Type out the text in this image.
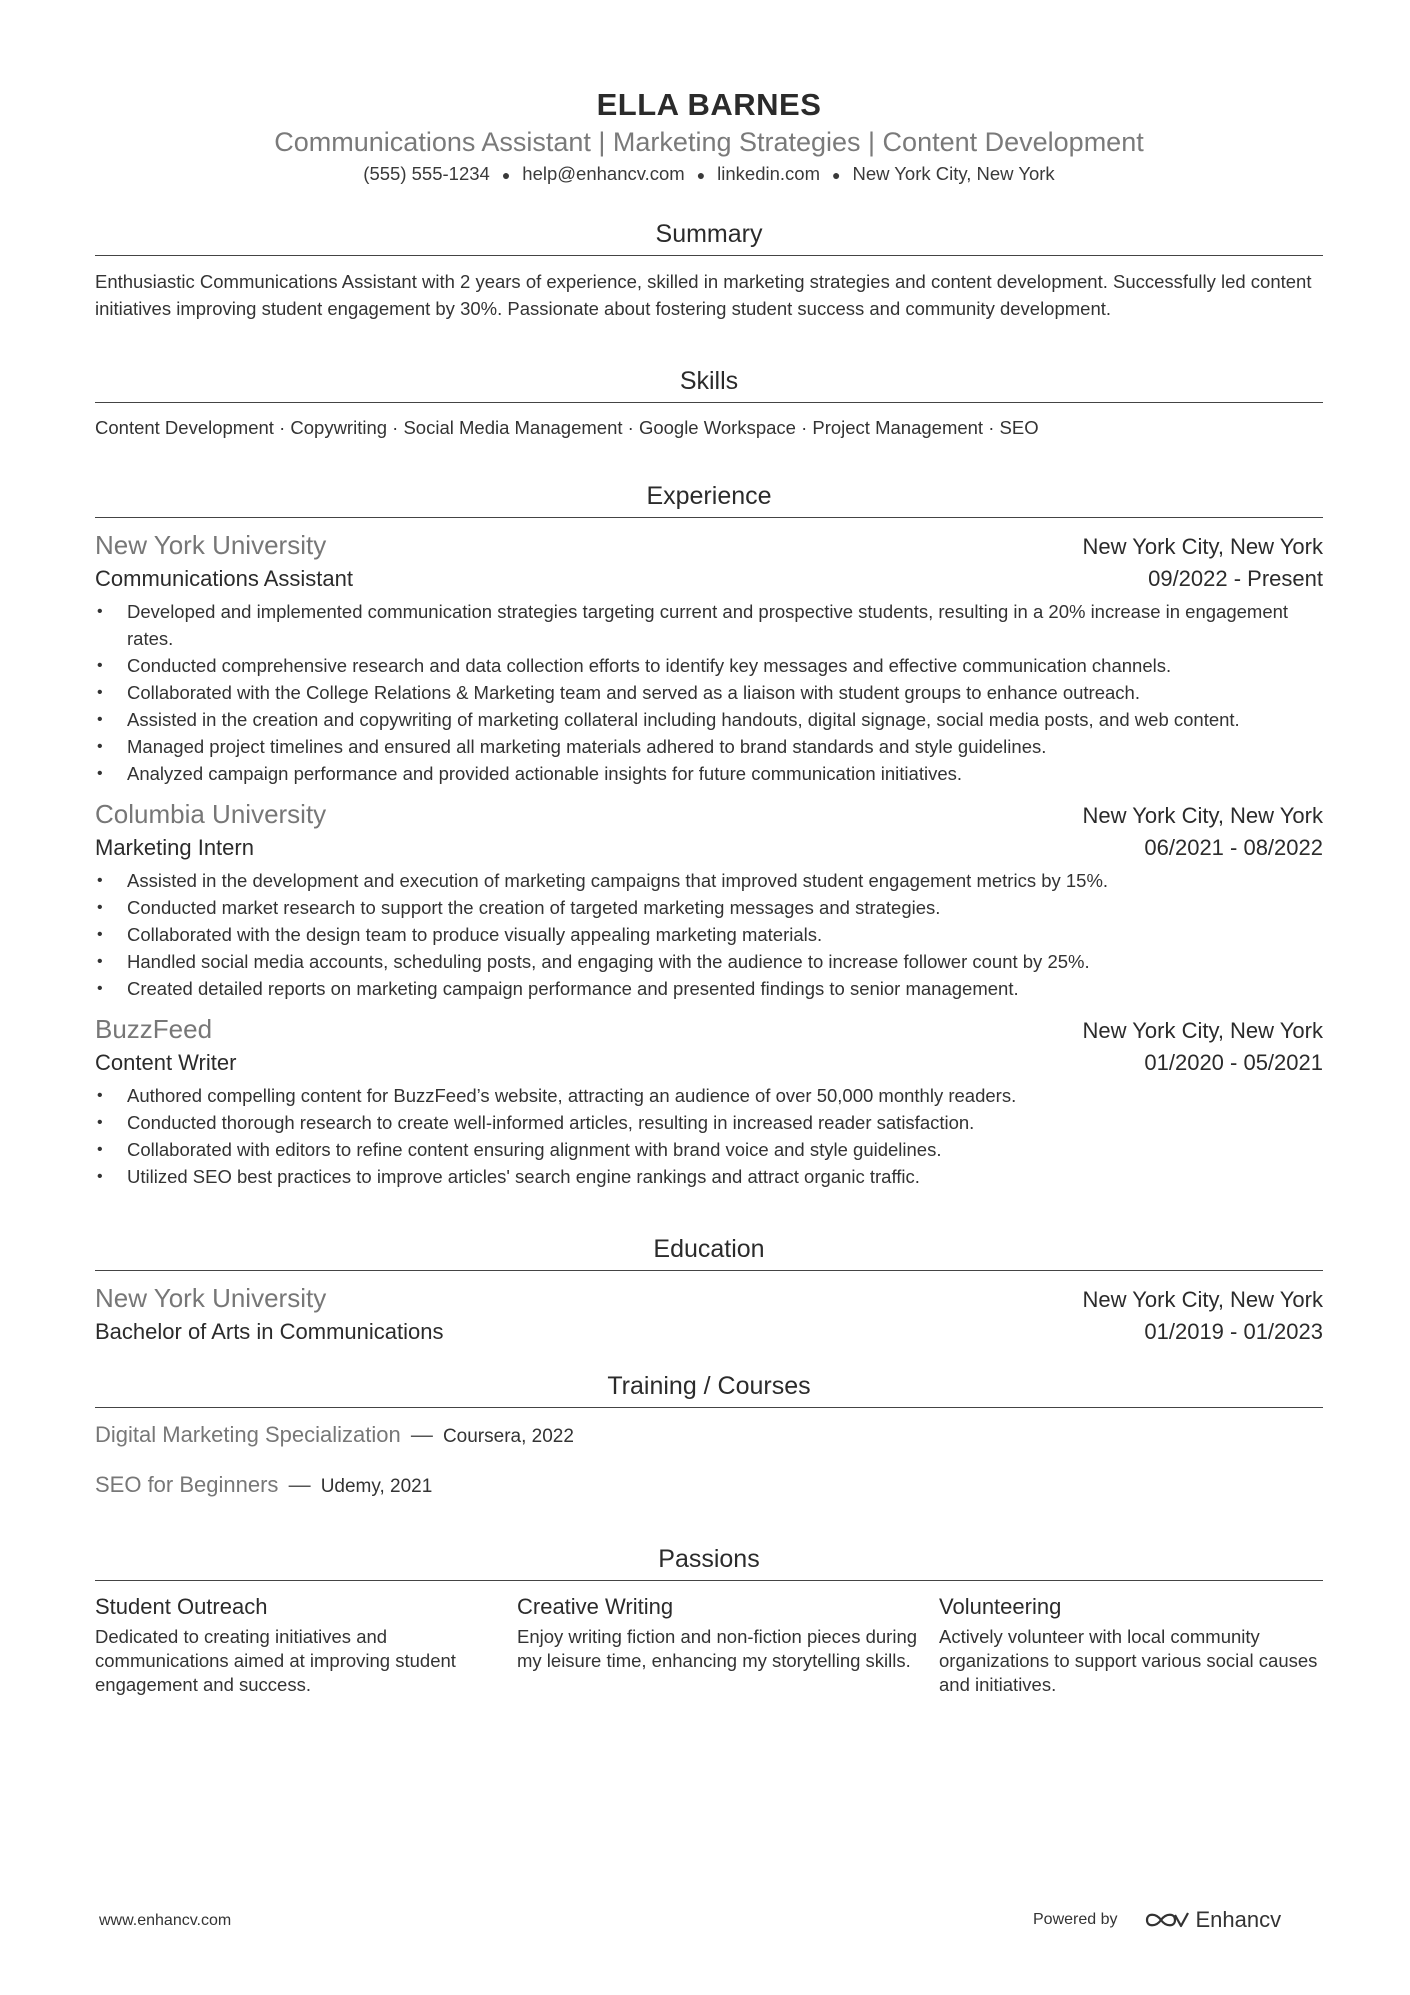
ELLA BARNES
Communications Assistant | Marketing Strategies | Content Development
(555) 555-1234 ● help@enhancv.com ● linkedin.com ● New York City, New York
Summary
Enthusiastic Communications Assistant with 2 years of experience, skilled in marketing strategies and content development. Successfully led content initiatives improving student engagement by 30%. Passionate about fostering student success and community development.
Skills
Content Development · Copywriting · Social Media Management · Google Workspace · Project Management · SEO
Experience
New York University	New York City, New York
Communications Assistant	09/2022 - Present
• Developed and implemented communication strategies targeting current and prospective students, resulting in a 20% increase in engagement rates.
• Conducted comprehensive research and data collection efforts to identify key messages and effective communication channels.
• Collaborated with the College Relations & Marketing team and served as a liaison with student groups to enhance outreach.
• Assisted in the creation and copywriting of marketing collateral including handouts, digital signage, social media posts, and web content.
• Managed project timelines and ensured all marketing materials adhered to brand standards and style guidelines.
• Analyzed campaign performance and provided actionable insights for future communication initiatives.
Columbia University	New York City, New York
Marketing Intern	06/2021 - 08/2022
• Assisted in the development and execution of marketing campaigns that improved student engagement metrics by 15%.
• Conducted market research to support the creation of targeted marketing messages and strategies.
• Collaborated with the design team to produce visually appealing marketing materials.
• Handled social media accounts, scheduling posts, and engaging with the audience to increase follower count by 25%.
• Created detailed reports on marketing campaign performance and presented findings to senior management.
BuzzFeed	New York City, New York
Content Writer	01/2020 - 05/2021
• Authored compelling content for BuzzFeed’s website, attracting an audience of over 50,000 monthly readers.
• Conducted thorough research to create well-informed articles, resulting in increased reader satisfaction.
• Collaborated with editors to refine content ensuring alignment with brand voice and style guidelines.
• Utilized SEO best practices to improve articles' search engine rankings and attract organic traffic.
Education
New York University	New York City, New York
Bachelor of Arts in Communications	01/2019 - 01/2023
Training / Courses
Digital Marketing Specialization — Coursera, 2022
SEO for Beginners — Udemy, 2021
Passions
Student Outreach
Dedicated to creating initiatives and communications aimed at improving student engagement and success.
Creative Writing
Enjoy writing fiction and non-fiction pieces during my leisure time, enhancing my storytelling skills.
Volunteering
Actively volunteer with local community organizations to support various social causes and initiatives.
www.enhancv.com	Powered by	Enhancv
